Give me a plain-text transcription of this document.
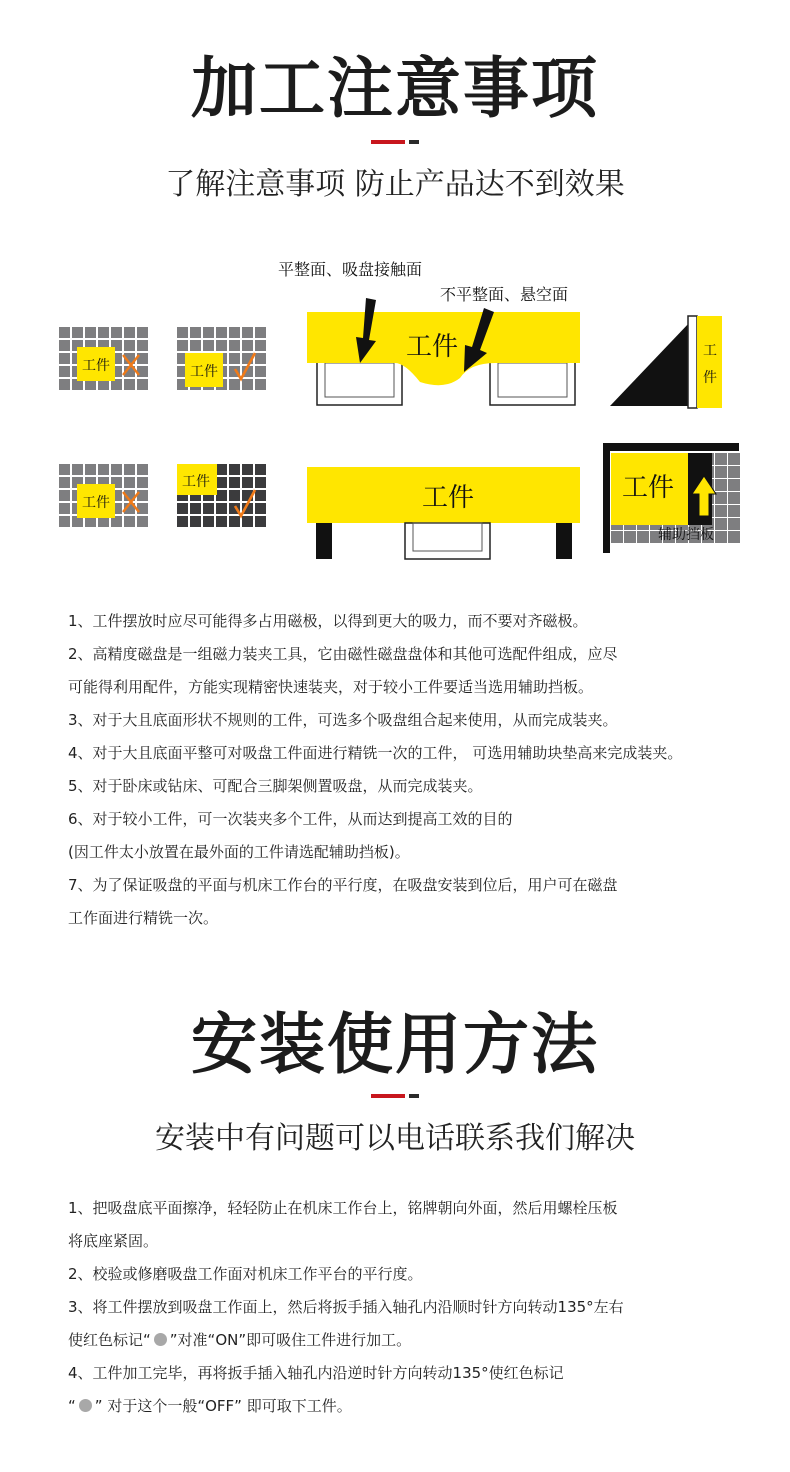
加工注意事项
了解注意事项 防止产品达不到效果
工件	工件
平整面、吸盘接触面
不平整面、悬空面
工件	工
件
工件
工件
工件	工件
辅助挡板
1、工件摆放时应尽可能得多占用磁极，以得到更大的吸力，而不要对齐磁极。
2、高精度磁盘是一组磁力装夹工具，它由磁性磁盘盘体和其他可选配件组成，应尽
可能得利用配件，方能实现精密快速装夹，对于较小工件要适当选用辅助挡板。
3、对于大且底面形状不规则的工件，可选多个吸盘组合起来使用，从而完成装夹。
4、对于大且底面平整可对吸盘工件面进行精铣一次的工件， 可选用辅助块垫高来完成装夹。
5、对于卧床或钻床、可配合三脚架侧置吸盘，从而完成装夹。
6、对于较小工件，可一次装夹多个工件，从而达到提高工效的目的
(因工件太小放置在最外面的工件请选配辅助挡板)。
7、为了保证吸盘的平面与机床工作台的平行度，在吸盘安装到位后，用户可在磁盘
工作面进行精铣一次。
安装使用方法
安装中有问题可以电话联系我们解决
1、把吸盘底平面擦净，轻轻防止在机床工作台上，铭牌朝向外面，然后用螺栓压板
将底座紧固。
2、校验或修磨吸盘工作面对机床工作平台的平行度。
3、将工件摆放到吸盘工作面上，然后将扳手插入轴孔内沿顺时针方向转动135°左右
使红色标记“ ”对准“ON”即可吸住工件进行加工。
4、工件加工完毕，再将扳手插入轴孔内沿逆时针方向转动135°使红色标记
“ ” 对于这个一般“OFF” 即可取下工件。
